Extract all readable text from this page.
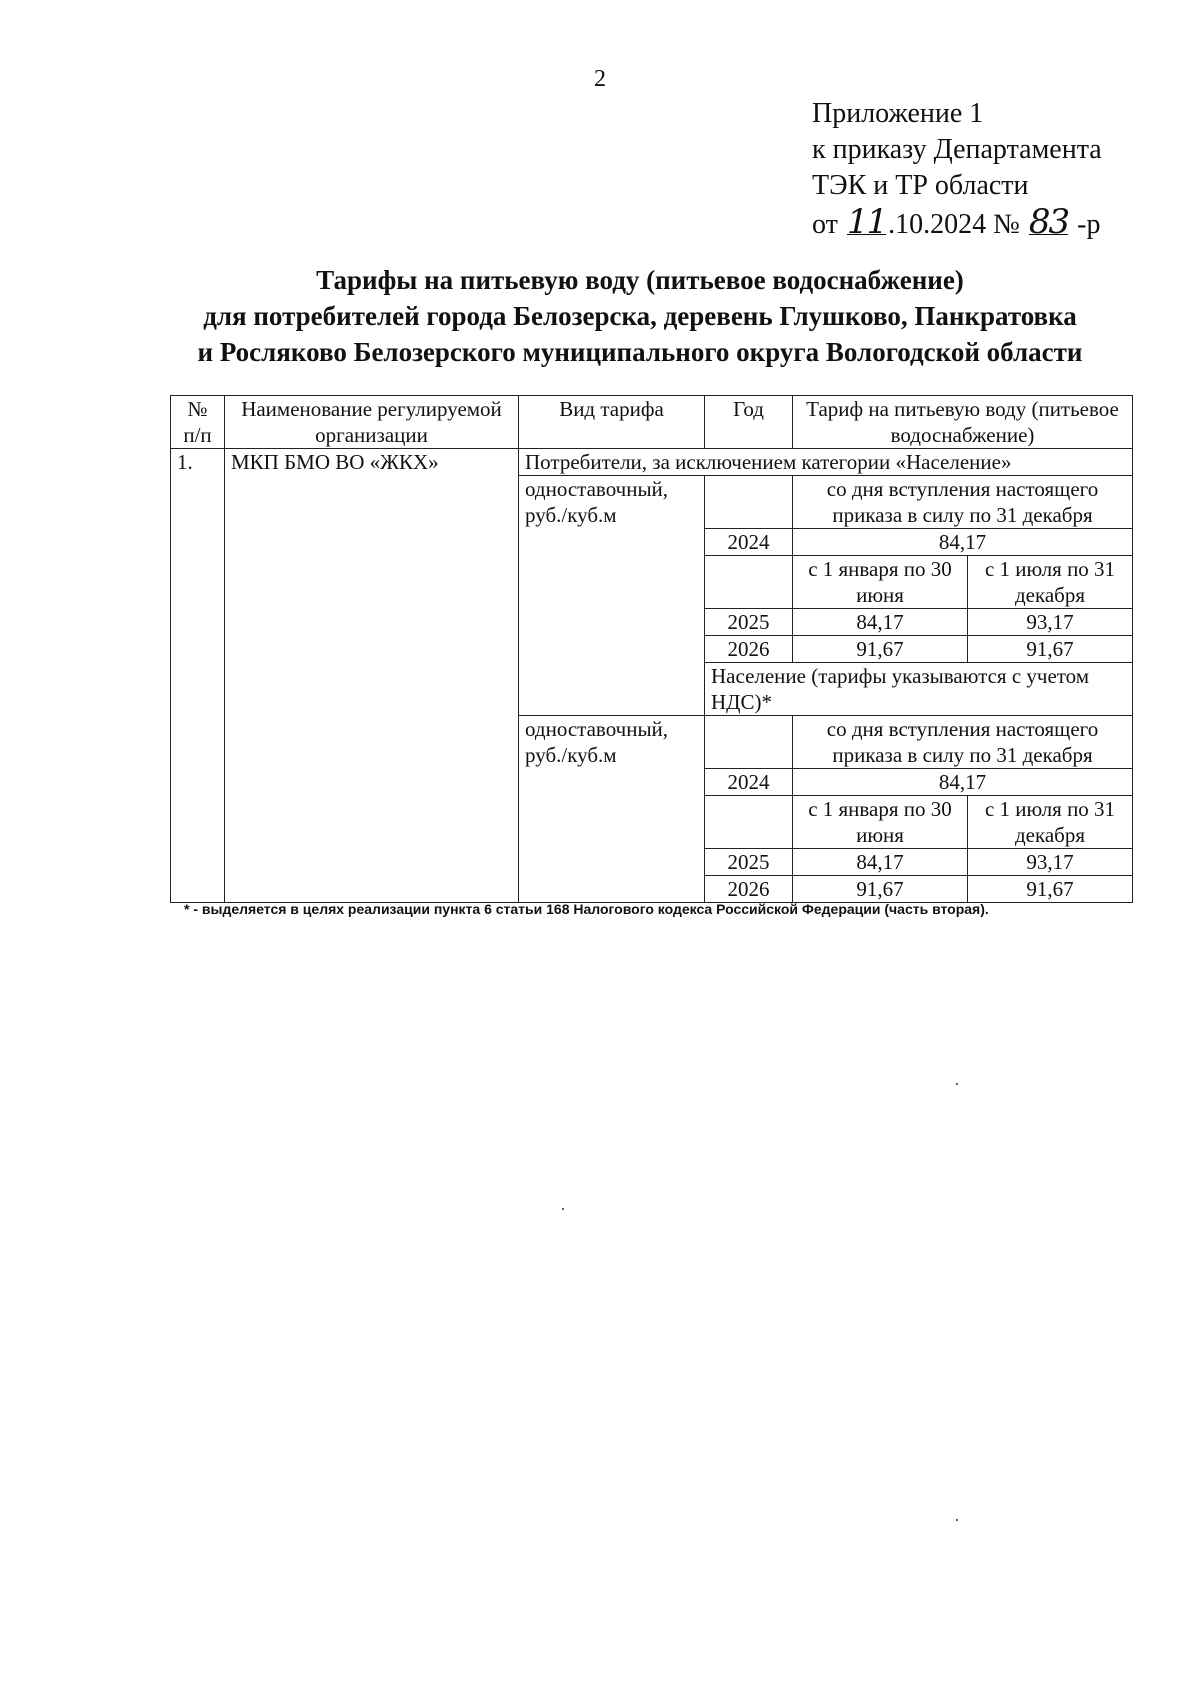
2
Приложение 1
к приказу Департамента
ТЭК и ТР области
от 11.10.2024 № 83 -р
Тарифы на питьевую воду (питьевое водоснабжение)
для потребителей города Белозерска, деревень Глушково, Панкратовка
и Росляково Белозерского муниципального округа Вологодской области
№ п/п	Наименование регулируемой организации	Вид тарифа	Год	Тариф на питьевую воду (питьевое водоснабжение)	
1.	МКП БМО ВО «ЖКХ»	Потребители, за исключением категории «Население»			
		одноставочный, руб./куб.м		со дня вступления настоящего приказа в силу по 31 декабря	
			2024	84,17	
				с 1 января по 30 июня	с 1 июля по 31 декабря
			2025	84,17	93,17
			2026	91,67	91,67
			Население (тарифы указываются с учетом НДС)*		
		одноставочный, руб./куб.м		со дня вступления настоящего приказа в силу по 31 декабря	
			2024	84,17	
				с 1 января по 30 июня	с 1 июля по 31 декабря
			2025	84,17	93,17
			2026	91,67	91,67
* - выделяется в целях реализации пункта 6 статьи 168 Налогового кодекса Российской Федерации (часть вторая).
